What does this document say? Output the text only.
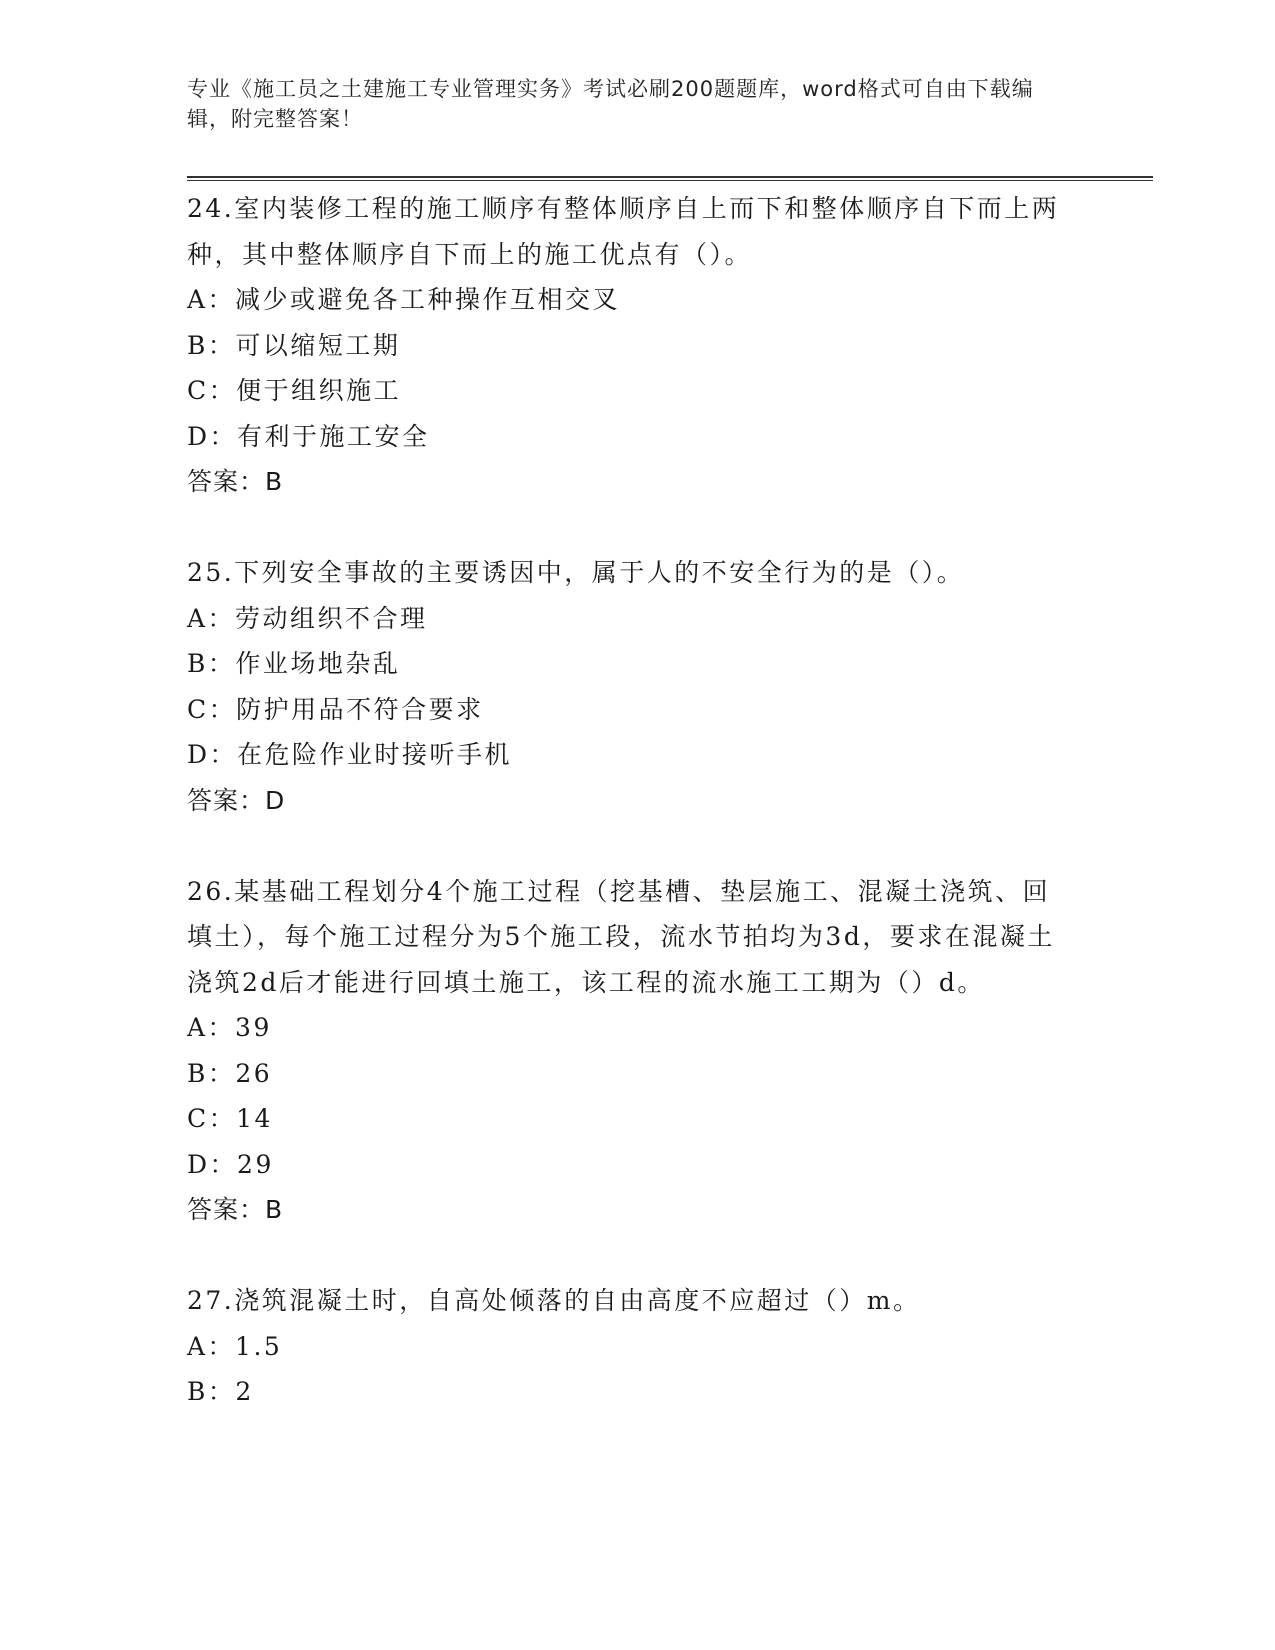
专业《施工员之土建施工专业管理实务》考试必刷200题题库，word格式可自由下载编辑，附完整答案！

24.室内装修工程的施工顺序有整体顺序自上而下和整体顺序自下而上两种，其中整体顺序自下而上的施工优点有（）。

A：减少或避免各工种操作互相交叉

B：可以缩短工期

C：便于组织施工

D：有利于施工安全

答案：B

25.下列安全事故的主要诱因中，属于人的不安全行为的是（）。

A：劳动组织不合理

B：作业场地杂乱

C：防护用品不符合要求

D：在危险作业时接听手机

答案：D

26.某基础工程划分4个施工过程（挖基槽、垫层施工、混凝土浇筑、回填土），每个施工过程分为5个施工段，流水节拍均为3d，要求在混凝土浇筑2d后才能进行回填土施工，该工程的流水施工工期为（）d。

A：39

B：26

C：14

D：29

答案：B

27.浇筑混凝土时，自高处倾落的自由高度不应超过（）m。

A：1.5

B：2
